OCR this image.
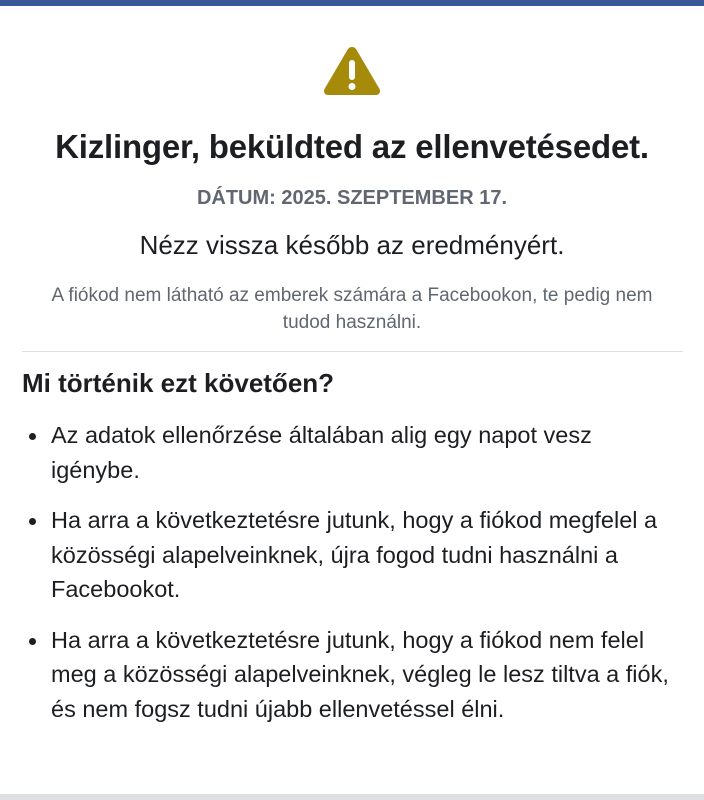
Kizlinger, beküldted az ellenvetésedet.
DÁTUM: 2025. SZEPTEMBER 17.
Nézz vissza később az eredményért.
A fiókod nem látható az emberek számára a Facebookon, te pedig nem tudod használni.
Mi történik ezt követően?
Az adatok ellenőrzése általában alig egy napot vesz igénybe.
Ha arra a következtetésre jutunk, hogy a fiókod megfelel a közösségi alapelveinknek, újra fogod tudni használni a Facebookot.
Ha arra a következtetésre jutunk, hogy a fiókod nem felel meg a közösségi alapelveinknek, végleg le lesz tiltva a fiók, és nem fogsz tudni újabb ellenvetéssel élni.
